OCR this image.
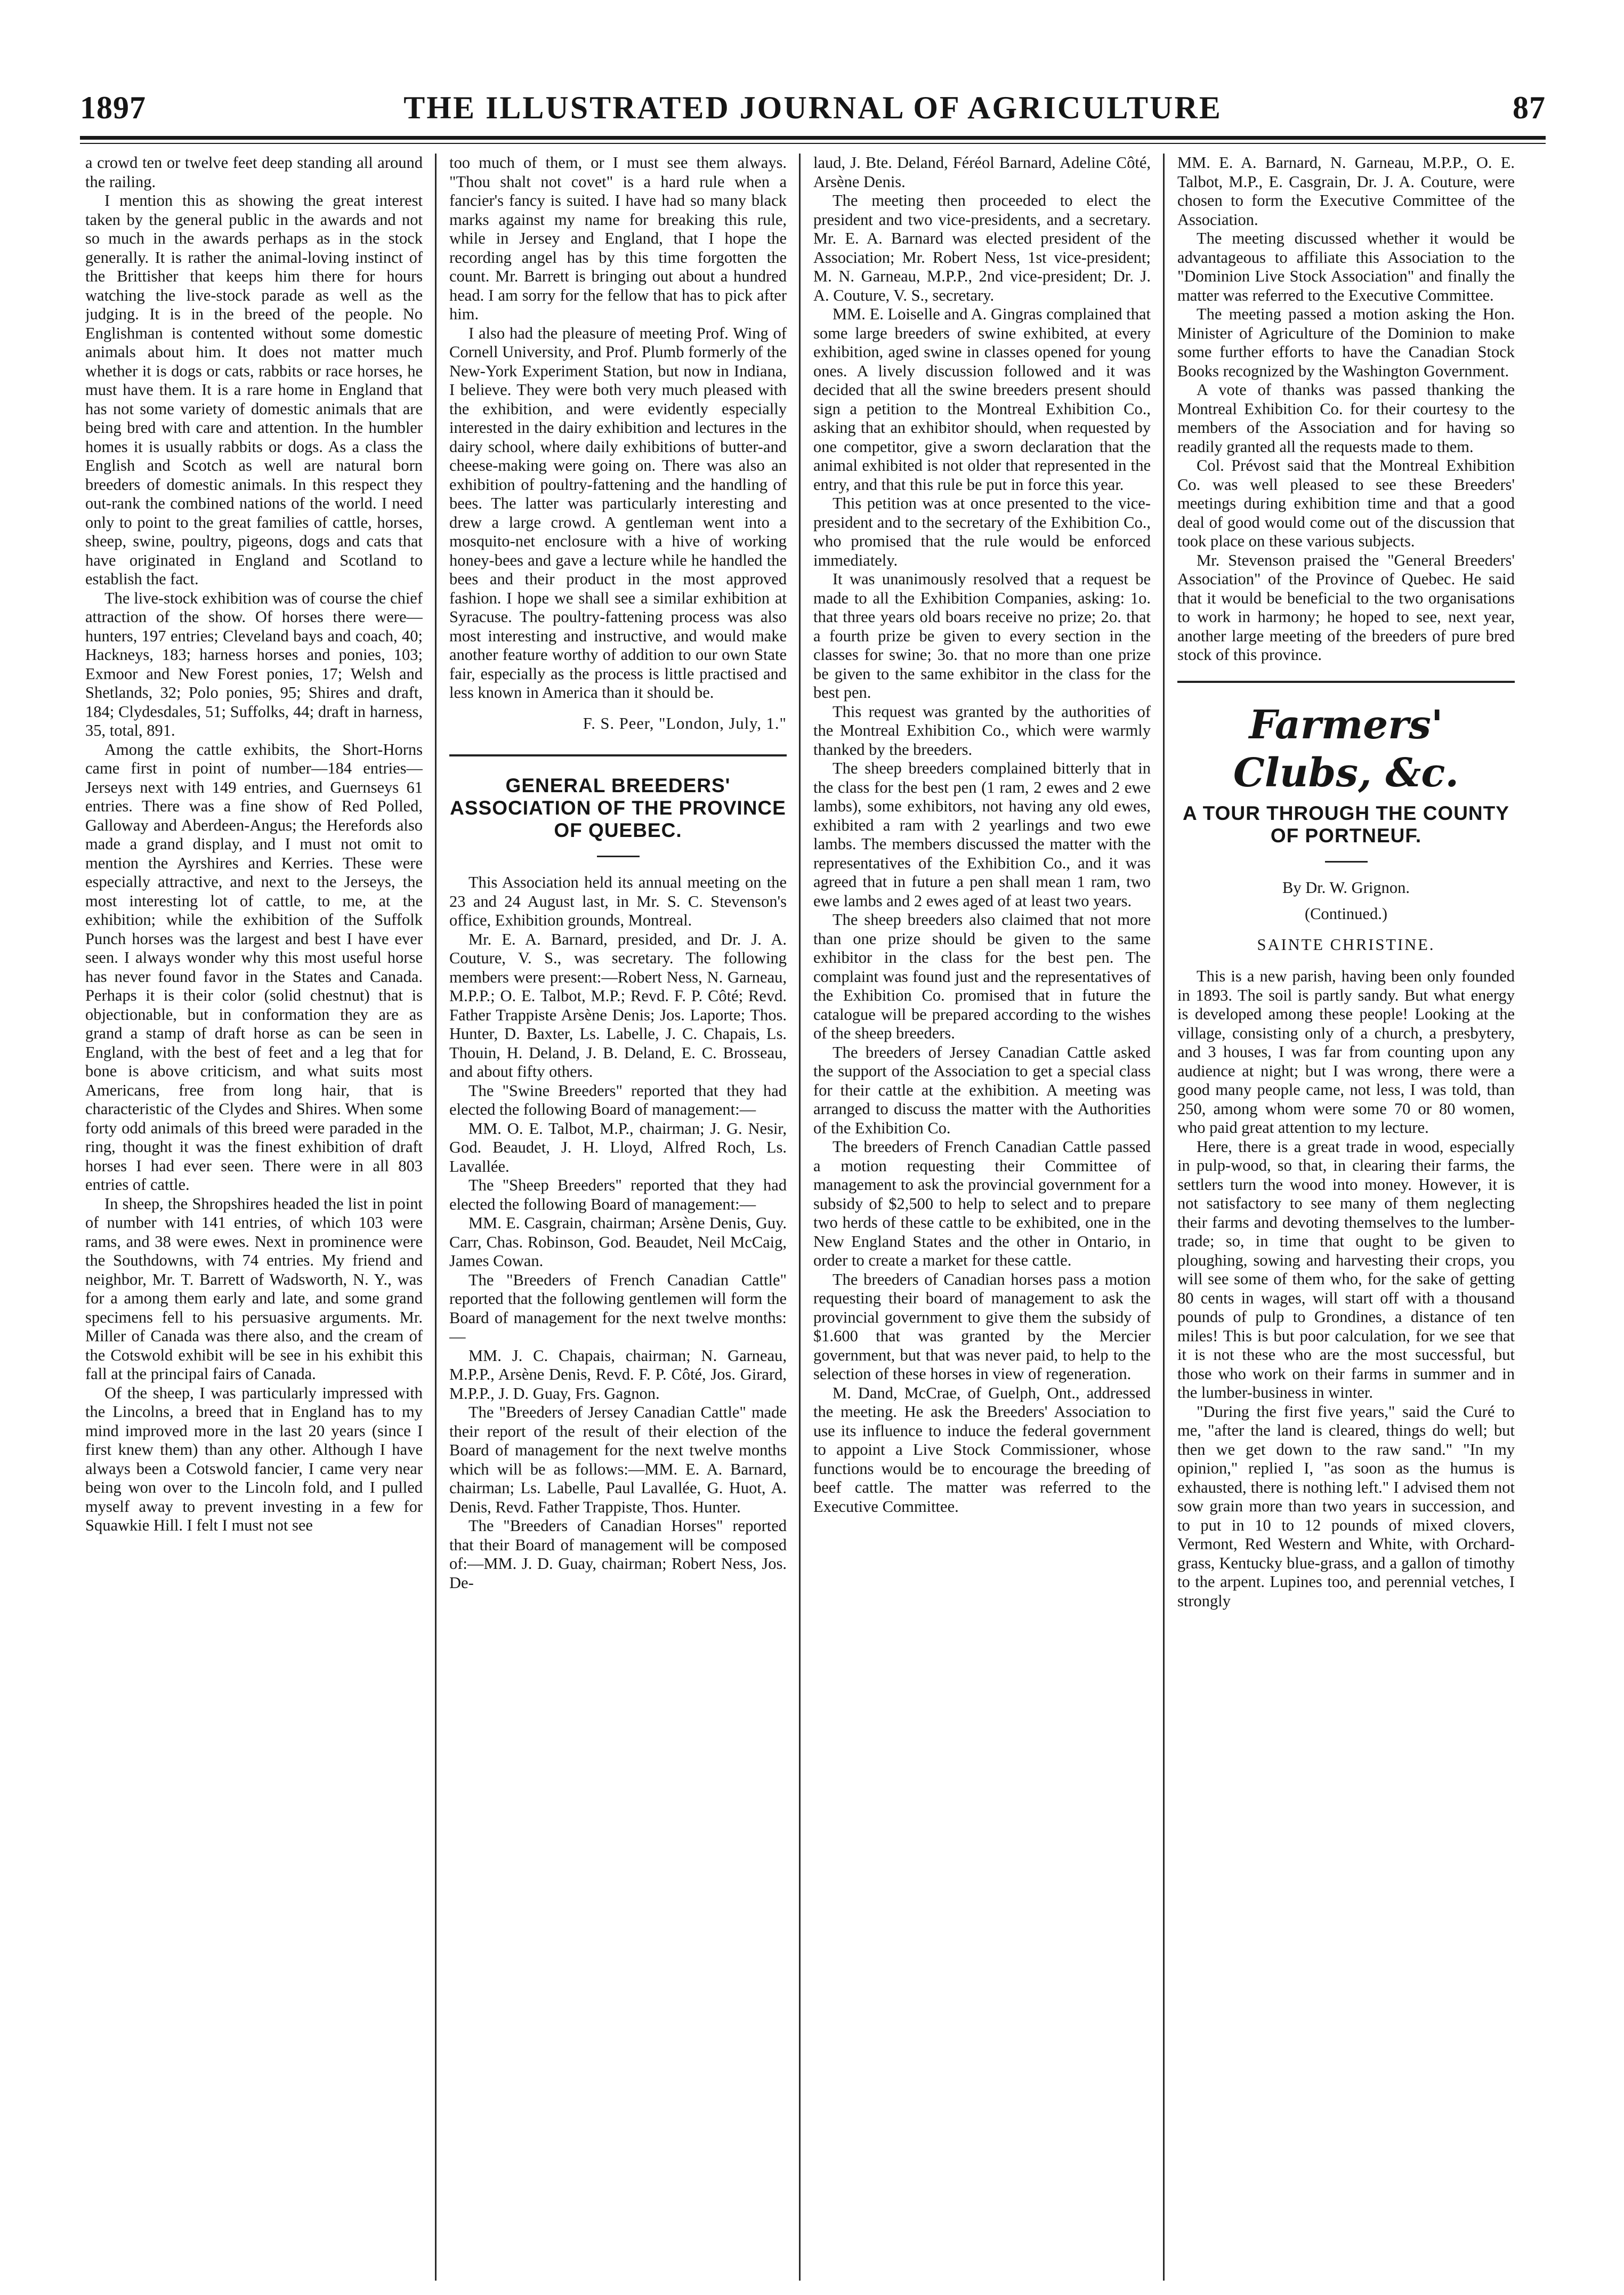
THE ILLUSTRATED JOURNAL OF AGRICULTURE
1897	87

a crowd ten or twelve feet deep standing all around the railing.

I mention this as showing the great interest taken by the general public in the awards and not so much in the awards perhaps as in the stock generally. It is rather the animal-loving instinct of the Brittisher that keeps him there for hours watching the live-stock parade as well as the judging. It is in the breed of the people. No Englishman is contented without some domestic animals about him. It does not matter much whether it is dogs or cats, rabbits or race horses, he must have them. It is a rare home in England that has not some variety of domestic animals that are being bred with care and attention. In the humbler homes it is usually rabbits or dogs. As a class the English and Scotch as well are natural born breeders of domestic animals. In this respect they out-rank the combined nations of the world. I need only to point to the great families of cattle, horses, sheep, swine, poultry, pigeons, dogs and cats that have originated in England and Scotland to establish the fact.

The live-stock exhibition was of course the chief attraction of the show. Of horses there were—hunters, 197 entries; Cleveland bays and coach, 40; Hackneys, 183; harness horses and ponies, 103; Exmoor and New Forest ponies, 17; Welsh and Shetlands, 32; Polo ponies, 95; Shires and draft, 184; Clydesdales, 51; Suffolks, 44; draft in harness, 35, total, 891.

Among the cattle exhibits, the Short-Horns came first in point of number—184 entries—Jerseys next with 149 entries, and Guernseys 61 entries. There was a fine show of Red Polled, Galloway and Aberdeen-Angus; the Herefords also made a grand display, and I must not omit to mention the Ayrshires and Kerries. These were especially attractive, and next to the Jerseys, the most interesting lot of cattle, to me, at the exhibition; while the exhibition of the Suffolk Punch horses was the largest and best I have ever seen. I always wonder why this most useful horse has never found favor in the States and Canada. Perhaps it is their color (solid chestnut) that is objectionable, but in conformation they are as grand a stamp of draft horse as can be seen in England, with the best of feet and a leg that for bone is above criticism, and what suits most Americans, free from long hair, that is characteristic of the Clydes and Shires. When some forty odd animals of this breed were paraded in the ring, thought it was the finest exhibition of draft horses I had ever seen. There were in all 803 entries of cattle.

In sheep, the Shropshires headed the list in point of number with 141 entries, of which 103 were rams, and 38 were ewes. Next in prominence were the Southdowns, with 74 entries. My friend and neighbor, Mr. T. Barrett of Wadsworth, N. Y., was for a among them early and late, and some grand specimens fell to his persuasive arguments. Mr. Miller of Canada was there also, and the cream of the Cotswold exhibit will be see in his exhibit this fall at the principal fairs of Canada.

Of the sheep, I was particularly impressed with the Lincolns, a breed that in England has to my mind improved more in the last 20 years (since I first knew them) than any other. Although I have always been a Cotswold fancier, I came very near being won over to the Lincoln fold, and I pulled myself away to prevent investing in a few for Squawkie Hill. I felt I must not see

too much of them, or I must see them always. "Thou shalt not covet" is a hard rule when a fancier's fancy is suited. I have had so many black marks against my name for breaking this rule, while in Jersey and England, that I hope the recording angel has by this time forgotten the count. Mr. Barrett is bringing out about a hundred head. I am sorry for the fellow that has to pick after him.

I also had the pleasure of meeting Prof. Wing of Cornell University, and Prof. Plumb formerly of the New-York Experiment Station, but now in Indiana, I believe. They were both very much pleased with the exhibition, and were evidently especially interested in the dairy exhibition and lectures in the dairy school, where daily exhibitions of butter-and cheese-making were going on. There was also an exhibition of poultry-fattening and the handling of bees. The latter was particularly interesting and drew a large crowd. A gentleman went into a mosquito-net enclosure with a hive of working honey-bees and gave a lecture while he handled the bees and their product in the most approved fashion. I hope we shall see a similar exhibition at Syracuse. The poultry-fattening process was also most interesting and instructive, and would make another feature worthy of addition to our own State fair, especially as the process is little practised and less known in America than it should be.

F. S. Peer, "London, July, 1."
GENERAL BREEDERS' ASSOCIATION OF THE PROVINCE OF QUEBEC.

This Association held its annual meeting on the 23 and 24 August last, in Mr. S. C. Stevenson's office, Exhibition grounds, Montreal.

Mr. E. A. Barnard, presided, and Dr. J. A. Couture, V. S., was secretary. The following members were present:—Robert Ness, N. Garneau, M.P.P.; O. E. Talbot, M.P.; Revd. F. P. Côté; Revd. Father Trappiste Arsène Denis; Jos. Laporte; Thos. Hunter, D. Baxter, Ls. Labelle, J. C. Chapais, Ls. Thouin, H. Deland, J. B. Deland, E. C. Brosseau, and about fifty others.

The "Swine Breeders" reported that they had elected the following Board of management:—

MM. O. E. Talbot, M.P., chairman; J. G. Nesir, God. Beaudet, J. H. Lloyd, Alfred Roch, Ls. Lavallée.

The "Sheep Breeders" reported that they had elected the following Board of management:—

MM. E. Casgrain, chairman; Arsène Denis, Guy. Carr, Chas. Robinson, God. Beaudet, Neil McCaig, James Cowan.

The "Breeders of French Canadian Cattle" reported that the following gentlemen will form the Board of management for the next twelve months:—

MM. J. C. Chapais, chairman; N. Garneau, M.P.P., Arsène Denis, Revd. F. P. Côté, Jos. Girard, M.P.P., J. D. Guay, Frs. Gagnon.

The "Breeders of Jersey Canadian Cattle" made their report of the result of their election of the Board of management for the next twelve months which will be as follows:—MM. E. A. Barnard, chairman; Ls. Labelle, Paul Lavallée, G. Huot, A. Denis, Revd. Father Trappiste, Thos. Hunter.

The "Breeders of Canadian Horses" reported that their Board of management will be composed of:—MM. J. D. Guay, chairman; Robert Ness, Jos. De-

laud, J. Bte. Deland, Féréol Barnard, Adeline Côté, Arsène Denis.

The meeting then proceeded to elect the president and two vice-presidents, and a secretary. Mr. E. A. Barnard was elected president of the Association; Mr. Robert Ness, 1st vice-president; M. N. Garneau, M.P.P., 2nd vice-president; Dr. J. A. Couture, V. S., secretary.

MM. E. Loiselle and A. Gingras complained that some large breeders of swine exhibited, at every exhibition, aged swine in classes opened for young ones. A lively discussion followed and it was decided that all the swine breeders present should sign a petition to the Montreal Exhibition Co., asking that an exhibitor should, when requested by one competitor, give a sworn declaration that the animal exhibited is not older that represented in the entry, and that this rule be put in force this year.

This petition was at once presented to the vice-president and to the secretary of the Exhibition Co., who promised that the rule would be enforced immediately.

It was unanimously resolved that a request be made to all the Exhibition Companies, asking: 1o. that three years old boars receive no prize; 2o. that a fourth prize be given to every section in the classes for swine; 3o. that no more than one prize be given to the same exhibitor in the class for the best pen.

This request was granted by the authorities of the Montreal Exhibition Co., which were warmly thanked by the breeders.

The sheep breeders complained bitterly that in the class for the best pen (1 ram, 2 ewes and 2 ewe lambs), some exhibitors, not having any old ewes, exhibited a ram with 2 yearlings and two ewe lambs. The members discussed the matter with the representatives of the Exhibition Co., and it was agreed that in future a pen shall mean 1 ram, two ewe lambs and 2 ewes aged of at least two years.

The sheep breeders also claimed that not more than one prize should be given to the same exhibitor in the class for the best pen. The complaint was found just and the representatives of the Exhibition Co. promised that in future the catalogue will be prepared according to the wishes of the sheep breeders.

The breeders of Jersey Canadian Cattle asked the support of the Association to get a special class for their cattle at the exhibition. A meeting was arranged to discuss the matter with the Authorities of the Exhibition Co.

The breeders of French Canadian Cattle passed a motion requesting their Committee of management to ask the provincial government for a subsidy of $2,500 to help to select and to prepare two herds of these cattle to be exhibited, one in the New England States and the other in Ontario, in order to create a market for these cattle.

The breeders of Canadian horses pass a motion requesting their board of management to ask the provincial government to give them the subsidy of $1.600 that was granted by the Mercier government, but that was never paid, to help to the selection of these horses in view of regeneration.

M. Dand, McCrae, of Guelph, Ont., addressed the meeting. He ask the Breeders' Association to use its influence to induce the federal government to appoint a Live Stock Commissioner, whose functions would be to encourage the breeding of beef cattle. The matter was referred to the Executive Committee.

MM. E. A. Barnard, N. Garneau, M.P.P., O. E. Talbot, M.P., E. Casgrain, Dr. J. A. Couture, were chosen to form the Executive Committee of the Association.

The meeting discussed whether it would be advantageous to affiliate this Association to the "Dominion Live Stock Association" and finally the matter was referred to the Executive Committee.

The meeting passed a motion asking the Hon. Minister of Agriculture of the Dominion to make some further efforts to have the Canadian Stock Books recognized by the Washington Government.

A vote of thanks was passed thanking the Montreal Exhibition Co. for their courtesy to the members of the Association and for having so readily granted all the requests made to them.

Col. Prévost said that the Montreal Exhibition Co. was well pleased to see these Breeders' meetings during exhibition time and that a good deal of good would come out of the discussion that took place on these various subjects.

Mr. Stevenson praised the "General Breeders' Association" of the Province of Quebec. He said that it would be beneficial to the two organisations to work in harmony; he hoped to see, next year, another large meeting of the breeders of pure bred stock of this province.

Farmers' Clubs, &c.
A TOUR THROUGH THE COUNTY OF PORTNEUF.
By Dr. W. Grignon.
(Continued.)
SAINTE CHRISTINE.

This is a new parish, having been only founded in 1893. The soil is partly sandy. But what energy is developed among these people! Looking at the village, consisting only of a church, a presbytery, and 3 houses, I was far from counting upon any audience at night; but I was wrong, there were a good many people came, not less, I was told, than 250, among whom were some 70 or 80 women, who paid great attention to my lecture.

Here, there is a great trade in wood, especially in pulp-wood, so that, in clearing their farms, the settlers turn the wood into money. However, it is not satisfactory to see many of them neglecting their farms and devoting themselves to the lumber-trade; so, in time that ought to be given to ploughing, sowing and harvesting their crops, you will see some of them who, for the sake of getting 80 cents in wages, will start off with a thousand pounds of pulp to Grondines, a distance of ten miles! This is but poor calculation, for we see that it is not these who are the most successful, but those who work on their farms in summer and in the lumber-business in winter.

"During the first five years," said the Curé to me, "after the land is cleared, things do well; but then we get down to the raw sand." "In my opinion," replied I, "as soon as the humus is exhausted, there is nothing left." I advised them not sow grain more than two years in succession, and to put in 10 to 12 pounds of mixed clovers, Vermont, Red Western and White, with Orchard-grass, Kentucky blue-grass, and a gallon of timothy to the arpent. Lupines too, and perennial vetches, I strongly
